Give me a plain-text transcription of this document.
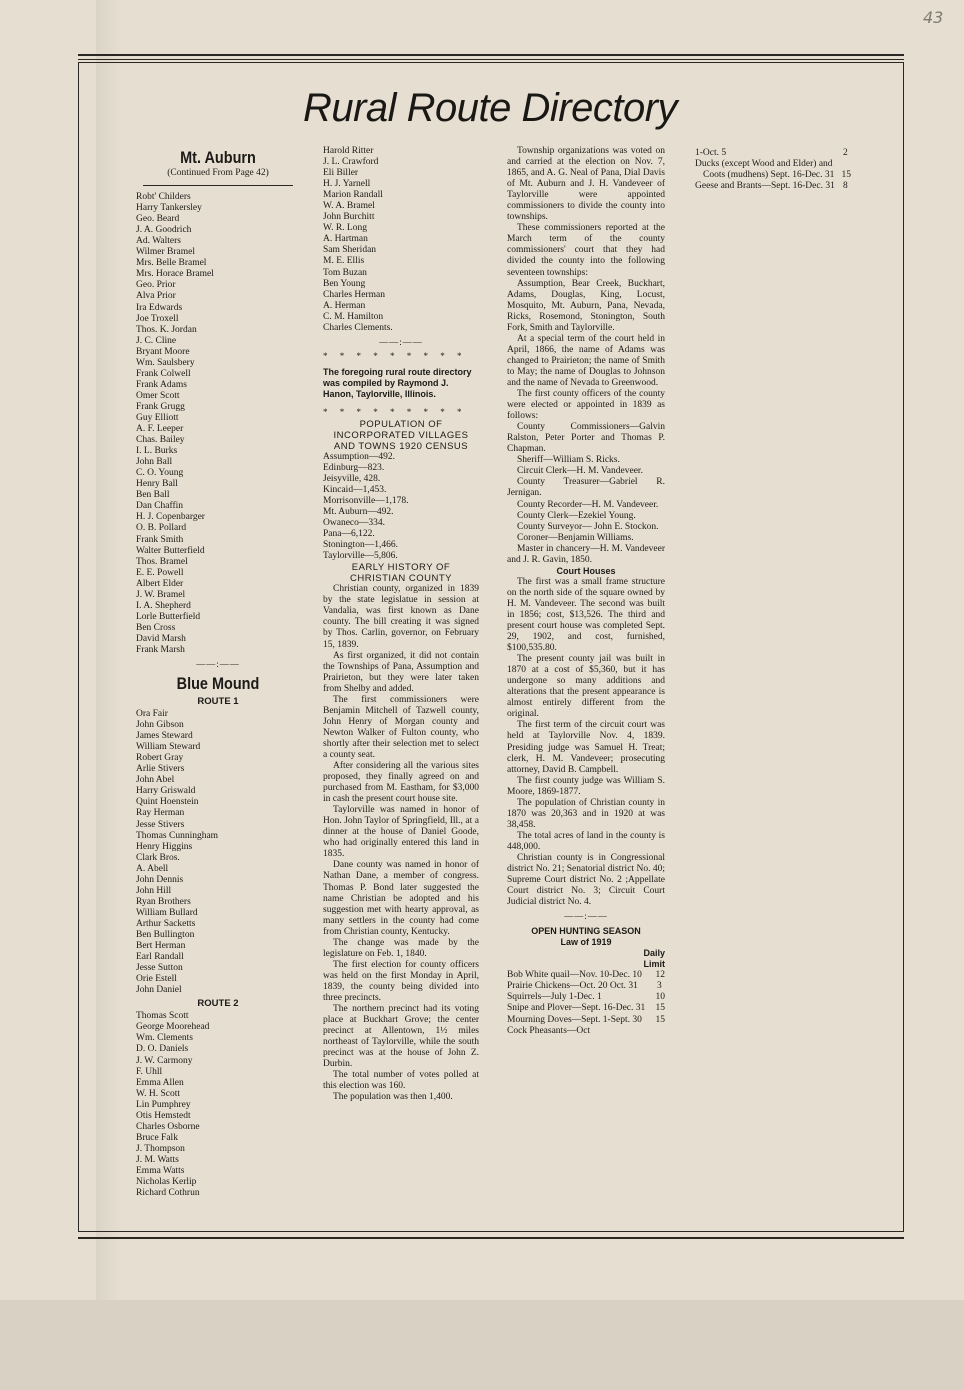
43
Rural Route Directory
Mt. Auburn
(Continued From Page 42)
Robt' Childers
Harry Tankersley
Geo. Beard
J. A. Goodrich
Ad. Walters
Wilmer Bramel
Mrs. Belle Bramel
Mrs. Horace Bramel
Geo. Prior
Alva Prior
Ira Edwards
Joe Troxell
Thos. K. Jordan
J. C. Cline
Bryant Moore
Wm. Saulsbery
Frank Colwell
Frank Adams
Omer Scott
Frank Grugg
Guy Elliott
A. F. Leeper
Chas. Bailey
I. L. Burks
John Ball
C. O. Young
Henry Ball
Ben Ball
Dan Chaffin
H. J. Copenbarger
O. B. Pollard
Frank Smith
Walter Butterfield
Thos. Bramel
E. E. Powell
Albert Elder
J. W. Bramel
I. A. Shepherd
Lorle Butterfield
Ben Cross
David Marsh
Frank Marsh
——:——
Blue Mound
ROUTE 1
Ora Fair
John Gibson
James Steward
William Steward
Robert Gray
Arlie Stivers
John Abel
Harry Griswald
Quint Hoenstein
Ray Herman
Jesse Stivers
Thomas Cunningham
Henry Higgins
Clark Bros.
A. Abell
John Dennis
John Hill
Ryan Brothers
William Bullard
Arthur Sacketts
Ben Bullington
Bert Herman
Earl Randall
Jesse Sutton
Orie Estell
John Daniel
ROUTE 2
Thomas Scott
George Moorehead
Wm. Clements
D. O. Daniels
J. W. Carmony
F. Uhll
Emma Allen
W. H. Scott
Lin Pumphrey
Otis Hemstedt
Charles Osborne
Bruce Falk
J. Thompson
J. M. Watts
Emma Watts
Nicholas Kerlip
Richard Cothrun
Harold Ritter
J. L. Crawford
Eli Biller
H. J. Yarnell
Marion Randall
W. A. Bramel
John Burchitt
W. R. Long
A. Hartman
Sam Sheridan
M. E. Ellis
Tom Buzan
Ben Young
Charles Herman
A. Herman
C. M. Hamilton
Charles Clements.
——:——
* * * * * * * * *
The foregoing rural route directory was compiled by Raymond J. Hanon, Taylorville, Illinois.
* * * * * * * * *
POPULATION OF INCORPORATED VILLAGES AND TOWNS 1920 CENSUS
Assumption—492.
Edinburg—823.
Jeisyville, 428.
Kincaid—1,453.
Morrisonville—1,178.
Mt. Auburn—492.
Owaneco—334.
Pana—6,122.
Stonington—1,466.
Taylorville—5,806.
EARLY HISTORY OF CHRISTIAN COUNTY

Christian county, organized in 1839 by the state legislatue in session at Vandalia, was first known as Dane county. The bill creating it was signed by Thos. Carlin, governor, on February 15, 1839.

As first organized, it did not contain the Townships of Pana, Assumption and Prairieton, but they were later taken from Shelby and added.

The first commissioners were Benjamin Mitchell of Tazwell county, John Henry of Morgan county and Newton Walker of Fulton county, who shortly after their selection met to select a county seat.

After considering all the various sites proposed, they finally agreed on and purchased from M. Eastham, for $3,000 in cash the present court house site.

Taylorville was named in honor of Hon. John Taylor of Springfield, Ill., at a dinner at the house of Daniel Goode, who had originally entered this land in 1835.

Dane county was named in honor of Nathan Dane, a member of congress. Thomas P. Bond later suggested the name Christian be adopted and his suggestion met with hearty approval, as many settlers in the county had come from Christian county, Kentucky.

The change was made by the legislature on Feb. 1, 1840.

The first election for county officers was held on the first Monday in April, 1839, the county being divided into three precincts.

The northern precinct had its voting place at Buckhart Grove; the center precinct at Allentown, 1½ miles northeast of Taylorville, while the south precinct was at the house of John Z. Durbin.

The total number of votes polled at this election was 160.

The population was then 1,400.

Township organizations was voted on and carried at the election on Nov. 7, 1865, and A. G. Neal of Pana, Dial Davis of Mt. Auburn and J. H. Vandeveer of Taylorville were appointed commissioners to divide the county into townships.

These commissioners reported at the March term of the county commissioners' court that they had divided the county into the following seventeen townships:

Assumption, Bear Creek, Buckhart, Adams, Douglas, King, Locust, Mosquito, Mt. Auburn, Pana, Nevada, Ricks, Rosemond, Stonington, South Fork, Smith and Taylorville.

At a special term of the court held in April, 1866, the name of Adams was changed to Prairieton; the name of Smith to May; the name of Douglas to Johnson and the name of Nevada to Greenwood.

The first county officers of the county were elected or appointed in 1839 as follows:

County Commissioners—Galvin Ralston, Peter Porter and Thomas P. Chapman.

Sheriff—William S. Ricks.

Circuit Clerk—H. M. Vandeveer.

County Treasurer—Gabriel R. Jernigan.

County Recorder—H. M. Vandeveer.

County Clerk—Ezekiel Young.

County Surveyor— John E. Stockon.

Coroner—Benjamin Williams.

Master in chancery—H. M. Vandeveer and J. R. Gavin, 1850.

Court Houses

The first was a small frame structure on the north side of the square owned by H. M. Vandeveer. The second was built in 1856; cost, $13,526. The third and present court house was completed Sept. 29, 1902, and cost, furnished, $100,535.80.

The present county jail was built in 1870 at a cost of $5,360, but it has undergone so many additions and alterations that the present appearance is almost entirely different from the original.

The first term of the circuit court was held at Taylorville Nov. 4, 1839. Presiding judge was Samuel H. Treat; clerk, H. M. Vandeveer; prosecuting attorney, David B. Campbell.

The first county judge was William S. Moore, 1869-1877.

The population of Christian county in 1870 was 20,363 and in 1920 at was 38,458.

The total acres of land in the county is 448,000.

Christian county is in Congressional district No. 21; Senatorial district No. 40; Supreme Court district No. 2 ;Appellate Court district No. 3; Circuit Court Judicial district No. 4.

——:——
OPEN HUNTING SEASON
Law of 1919
Daily
Limit
Bob White quail—Nov. 10-Dec. 10 12
Prairie Chickens—Oct. 20 Oct. 31 3
Squirrels—July 1-Dec. 1	10
Snipe and Plover—Sept. 16-Dec. 31 15
Mourning Doves—Sept. 1-Sept. 30 15
Cock Pheasants—Oct
1-Oct. 5	2
Ducks (except Wood and Elder) and Coots (mudhens) Sept. 16-Dec. 31 15
Geese and Brants—Sept. 16-Dec. 31 8
